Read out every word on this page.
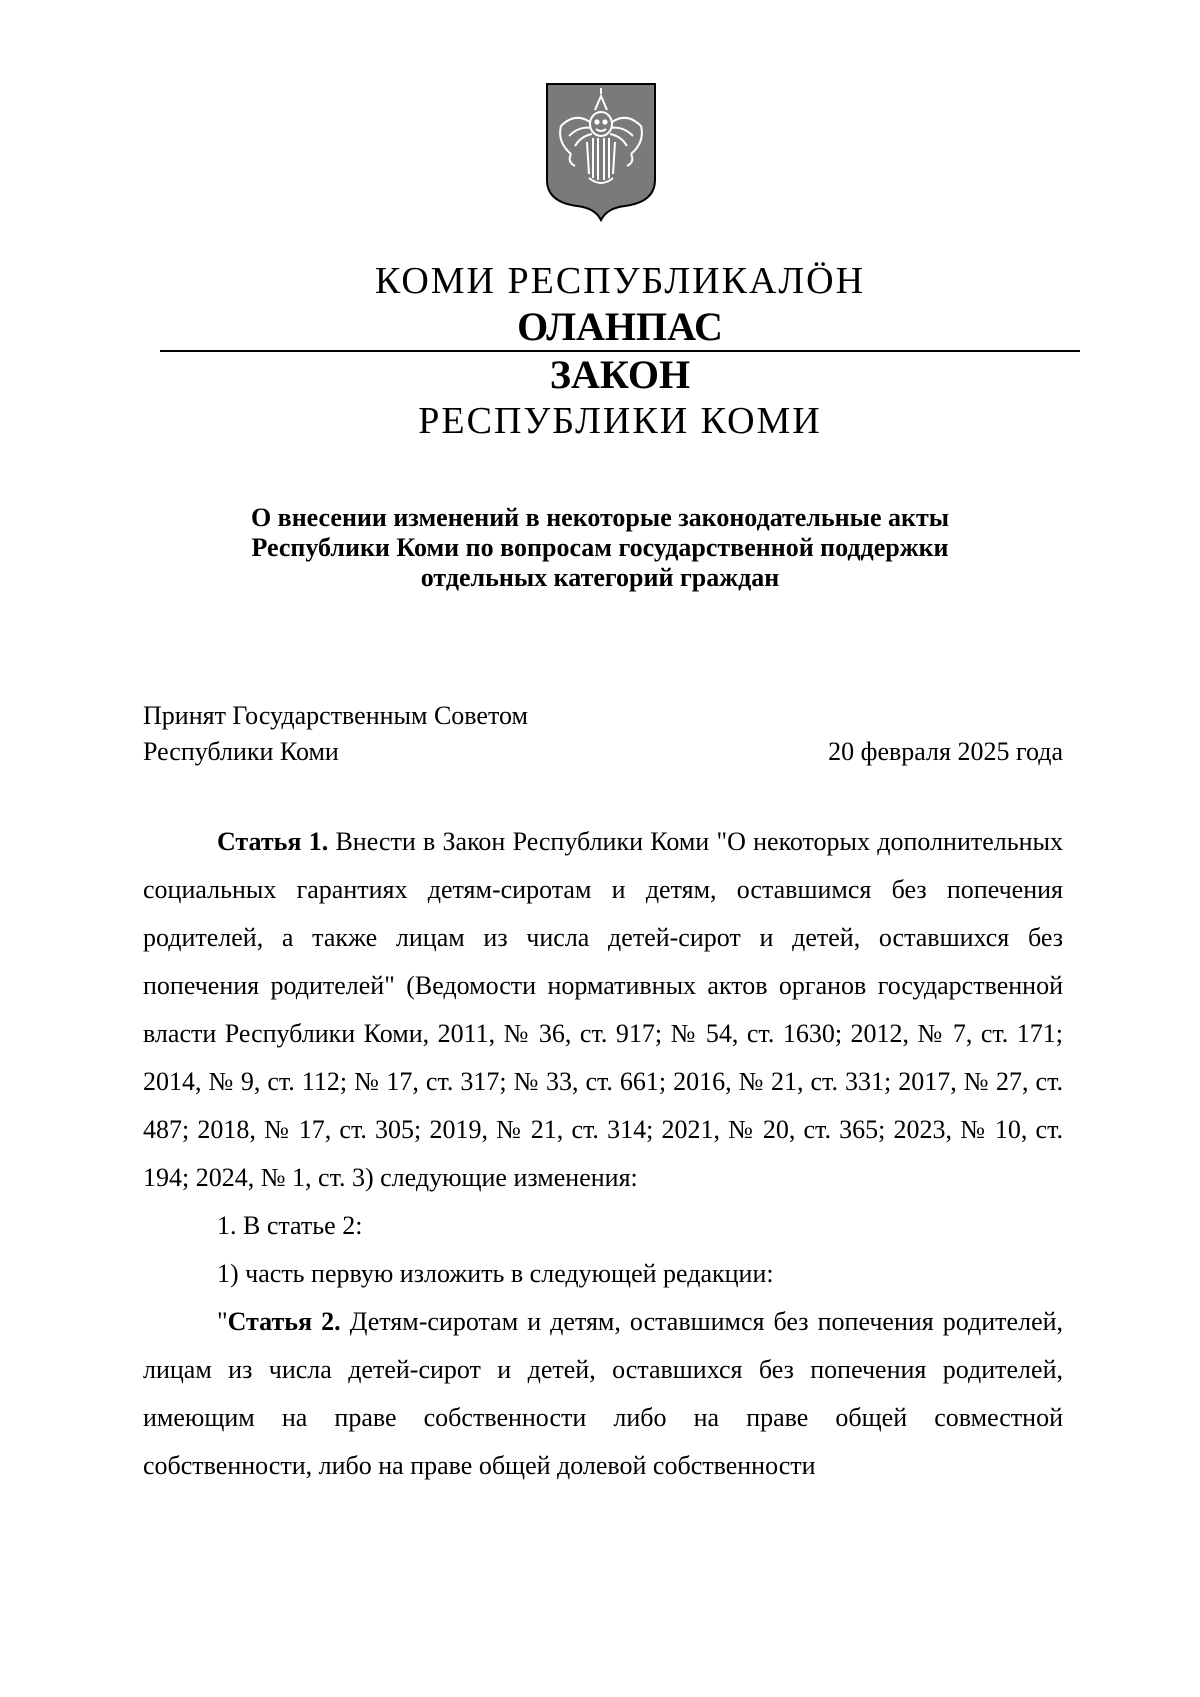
КОМИ РЕСПУБЛИКАЛӦН
ОЛАНПАС
ЗАКОН
РЕСПУБЛИКИ КОМИ
О внесении изменений в некоторые законодательные акты
Республики Коми по вопросам государственной поддержки
отдельных категорий граждан
Принят Государственным Советом
Республики Коми	20 февраля 2025 года

Статья 1. Внести в Закон Республики Коми "О некоторых дополнительных социальных гарантиях детям-сиротам и детям, оставшимся без попечения родителей, а также лицам из числа детей-сирот и детей, оставшихся без попечения родителей" (Ведомости нормативных актов органов государственной власти Республики Коми, 2011, № 36, ст. 917; № 54, ст. 1630; 2012, № 7, ст. 171; 2014, № 9, ст. 112; № 17, ст. 317; № 33, ст. 661; 2016, № 21, ст. 331; 2017, № 27, ст. 487; 2018, № 17, ст. 305; 2019, № 21, ст. 314; 2021, № 20, ст. 365; 2023, № 10, ст. 194; 2024, № 1, ст. 3) следующие изменения:

1. В статье 2:
1) часть первую изложить в следующей редакции:

"Статья 2. Детям-сиротам и детям, оставшимся без попечения родителей, лицам из числа детей-сирот и детей, оставшихся без попечения родителей, имеющим на праве собственности либо на праве общей совместной собственности, либо на праве общей долевой собственности
